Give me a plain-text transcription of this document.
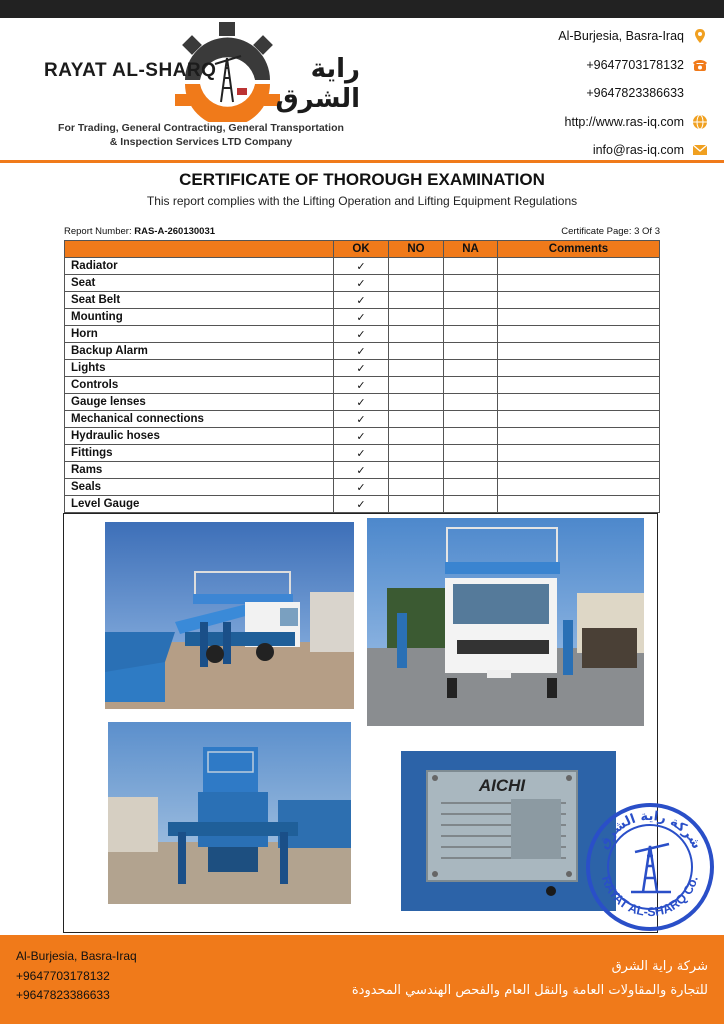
RAYAT AL-SHARQ	راية الشرق
For Trading, General Contracting, General Transportation
& Inspection Services LTD Company
Al-Burjesia, Basra-Iraq
+9647703178132
+9647823386633
http://www.ras-iq.com
info@ras-iq.com
CERTIFICATE OF THOROUGH EXAMINATION
This report complies with the Lifting Operation and Lifting Equipment Regulations
Report Number: RAS-A-260130031	Certificate Page: 3 Of 3
	OK	NO	NA	Comments
Radiator	✓			
Seat	✓			
Seat Belt	✓			
Mounting	✓			
Horn	✓			
Backup Alarm	✓			
Lights	✓			
Controls	✓			
Gauge lenses	✓			
Mechanical connections	✓			
Hydraulic hoses	✓			
Fittings	✓			
Rams	✓			
Seals	✓			
Level Gauge	✓			
AICHI
شركة راية الشرق
RAYAT AL-SHARQ Co.
Al-Burjesia, Basra-Iraq
+9647703178132
+9647823386633
شركة راية الشرق
للتجارة والمقاولات العامة والنقل العام والفحص الهندسي المحدودة
